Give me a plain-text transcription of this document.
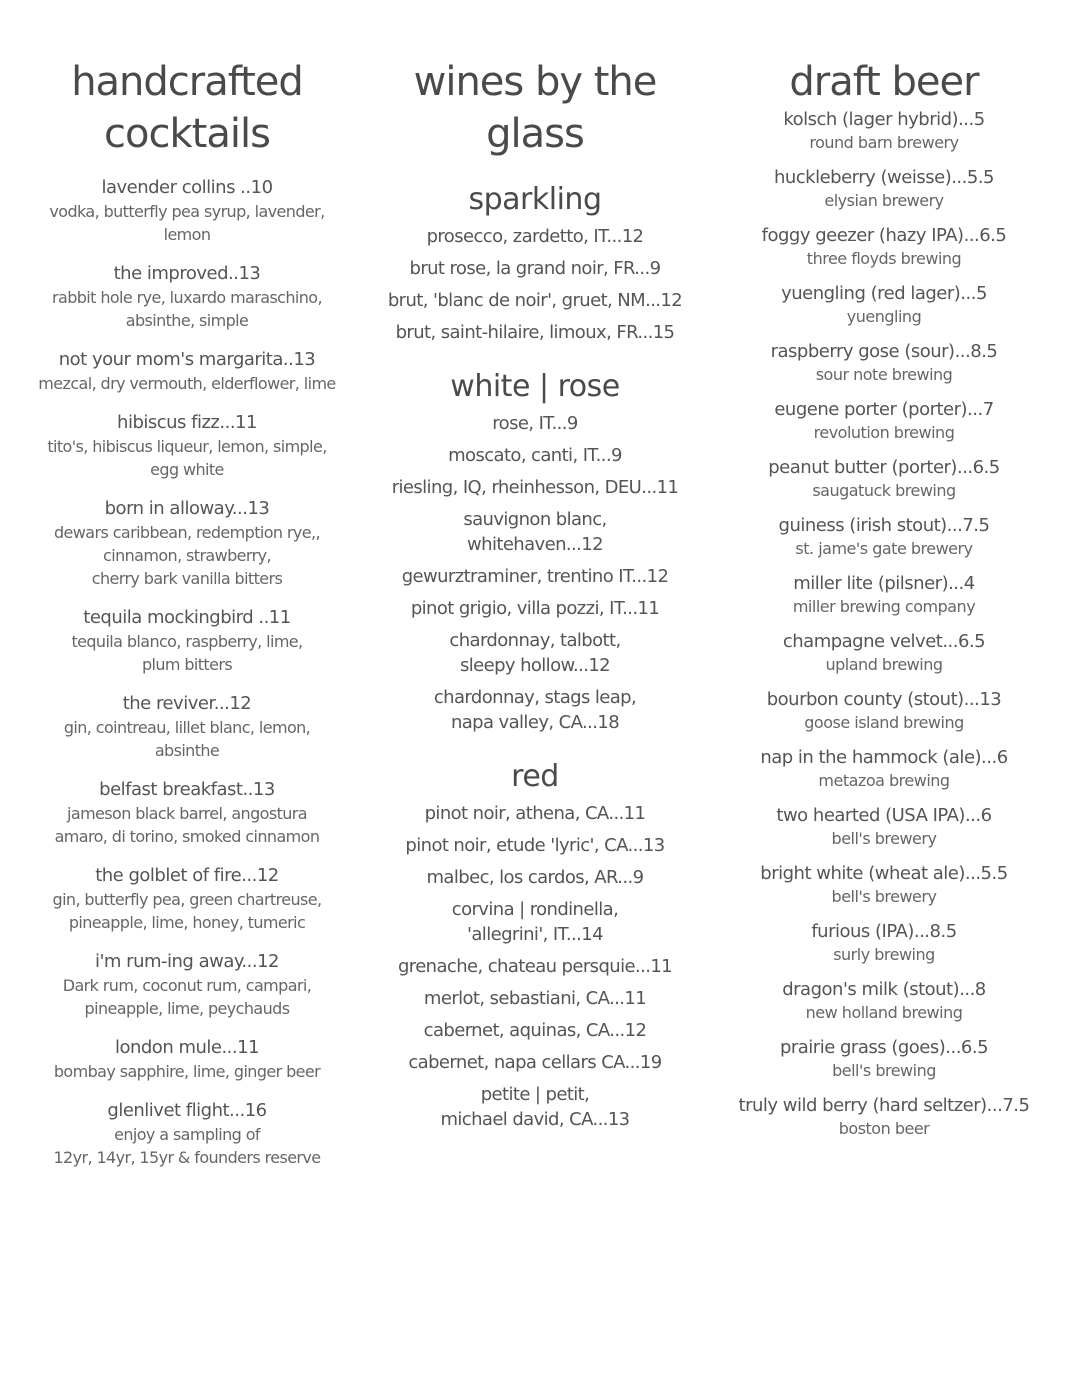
handcrafted
cocktails
lavender collins ..10
vodka, butterfly pea syrup, lavender,
lemon
the improved..13
rabbit hole rye, luxardo maraschino,
absinthe, simple
not your mom's margarita..13
mezcal, dry vermouth, elderflower, lime
hibiscus fizz...11
tito's, hibiscus liqueur, lemon, simple,
egg white
born in alloway...13
dewars caribbean, redemption rye,,
cinnamon, strawberry,
cherry bark vanilla bitters
tequila mockingbird ..11
tequila blanco, raspberry, lime,
plum bitters
the reviver...12
gin, cointreau, lillet blanc, lemon,
absinthe
belfast breakfast..13
jameson black barrel, angostura
amaro, di torino, smoked cinnamon
the golblet of fire...12
gin, butterfly pea, green chartreuse,
pineapple, lime, honey, tumeric
i'm rum-ing away...12
Dark rum, coconut rum, campari,
pineapple, lime, peychauds
london mule...11
bombay sapphire, lime, ginger beer
glenlivet flight...16
enjoy a sampling of
12yr, 14yr, 15yr & founders reserve
wines by the
glass
sparkling
prosecco, zardetto, IT...12
brut rose, la grand noir, FR...9
brut, 'blanc de noir', gruet, NM...12
brut, saint-hilaire, limoux, FR...15
white | rose
rose, IT...9
moscato, canti, IT...9
riesling, IQ, rheinhesson, DEU...11
sauvignon blanc,
whitehaven...12
gewurztraminer, trentino IT...12
pinot grigio, villa pozzi, IT...11
chardonnay, talbott,
sleepy hollow...12
chardonnay, stags leap,
napa valley, CA...18
red
pinot noir, athena, CA...11
pinot noir, etude 'lyric', CA...13
malbec, los cardos, AR...9
corvina | rondinella,
'allegrini', IT...14
grenache, chateau persquie...11
merlot, sebastiani, CA...11
cabernet, aquinas, CA...12
cabernet, napa cellars CA...19
petite | petit,
michael david, CA...13
draft beer
kolsch (lager hybrid)...5
round barn brewery
huckleberry (weisse)...5.5
elysian brewery
foggy geezer (hazy IPA)...6.5
three floyds brewing
yuengling (red lager)...5
yuengling
raspberry gose (sour)...8.5
sour note brewing
eugene porter (porter)...7
revolution brewing
peanut butter (porter)...6.5
saugatuck brewing
guiness (irish stout)...7.5
st. jame's gate brewery
miller lite (pilsner)...4
miller brewing company
champagne velvet...6.5
upland brewing
bourbon county (stout)...13
goose island brewing
nap in the hammock (ale)...6
metazoa brewing
two hearted (USA IPA)...6
bell's brewery
bright white (wheat ale)...5.5
bell's brewery
furious (IPA)...8.5
surly brewing
dragon's milk (stout)...8
new holland brewing
prairie grass (goes)...6.5
bell's brewing
truly wild berry (hard seltzer)...7.5
boston beer
